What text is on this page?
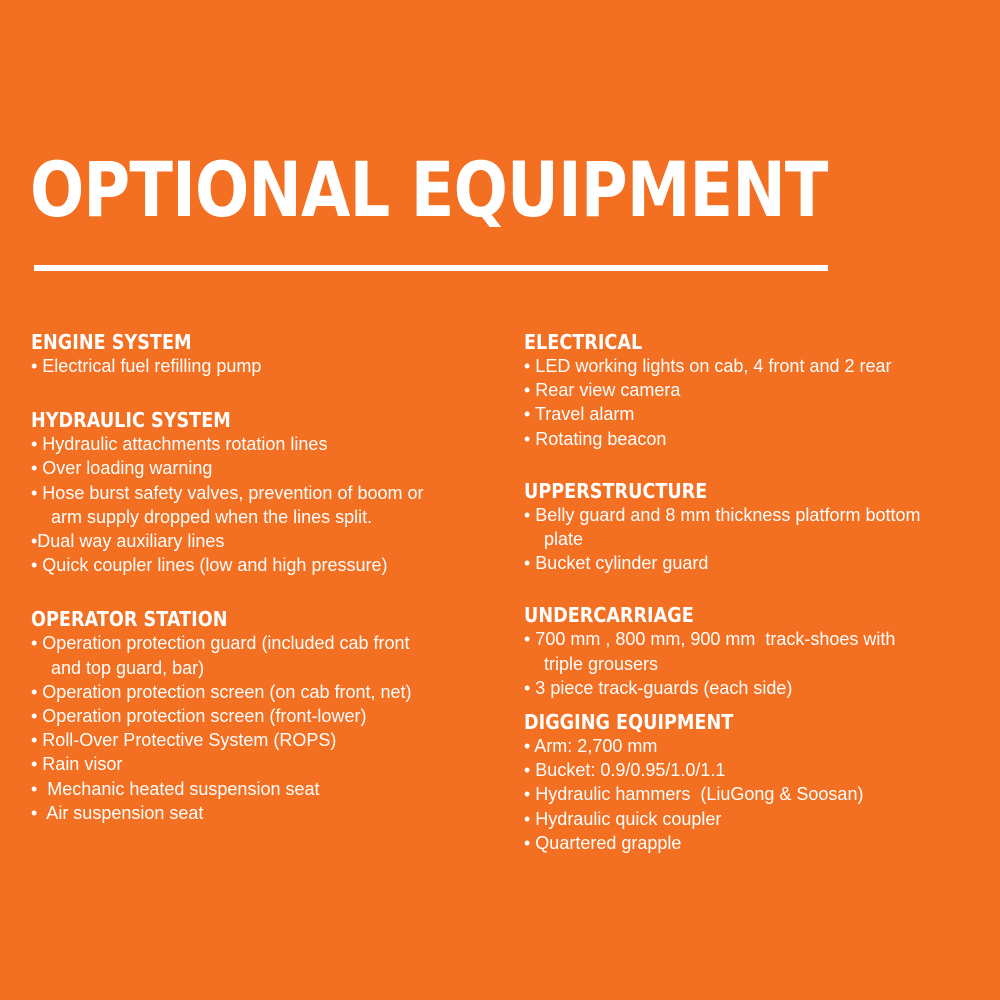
OPTIONAL EQUIPMENT
ENGINE SYSTEM
• Electrical fuel refilling pump
HYDRAULIC SYSTEM
• Hydraulic attachments rotation lines
• Over loading warning
• Hose burst safety valves, prevention of boom or
arm supply dropped when the lines split.
•Dual way auxiliary lines
• Quick coupler lines (low and high pressure)
OPERATOR STATION
• Operation protection guard (included cab front
and top guard, bar)
• Operation protection screen (on cab front, net)
• Operation protection screen (front-lower)
• Roll-Over Protective System (ROPS)
• Rain visor
•  Mechanic heated suspension seat
•  Air suspension seat
ELECTRICAL
• LED working lights on cab, 4 front and 2 rear
• Rear view camera
• Travel alarm
• Rotating beacon
UPPERSTRUCTURE
• Belly guard and 8 mm thickness platform bottom
plate
• Bucket cylinder guard
UNDERCARRIAGE
• 700 mm , 800 mm, 900 mm  track-shoes with
triple grousers
• 3 piece track-guards (each side)
DIGGING EQUIPMENT
• Arm: 2,700 mm
• Bucket: 0.9/0.95/1.0/1.1
• Hydraulic hammers  (LiuGong & Soosan)
• Hydraulic quick coupler
• Quartered grapple
